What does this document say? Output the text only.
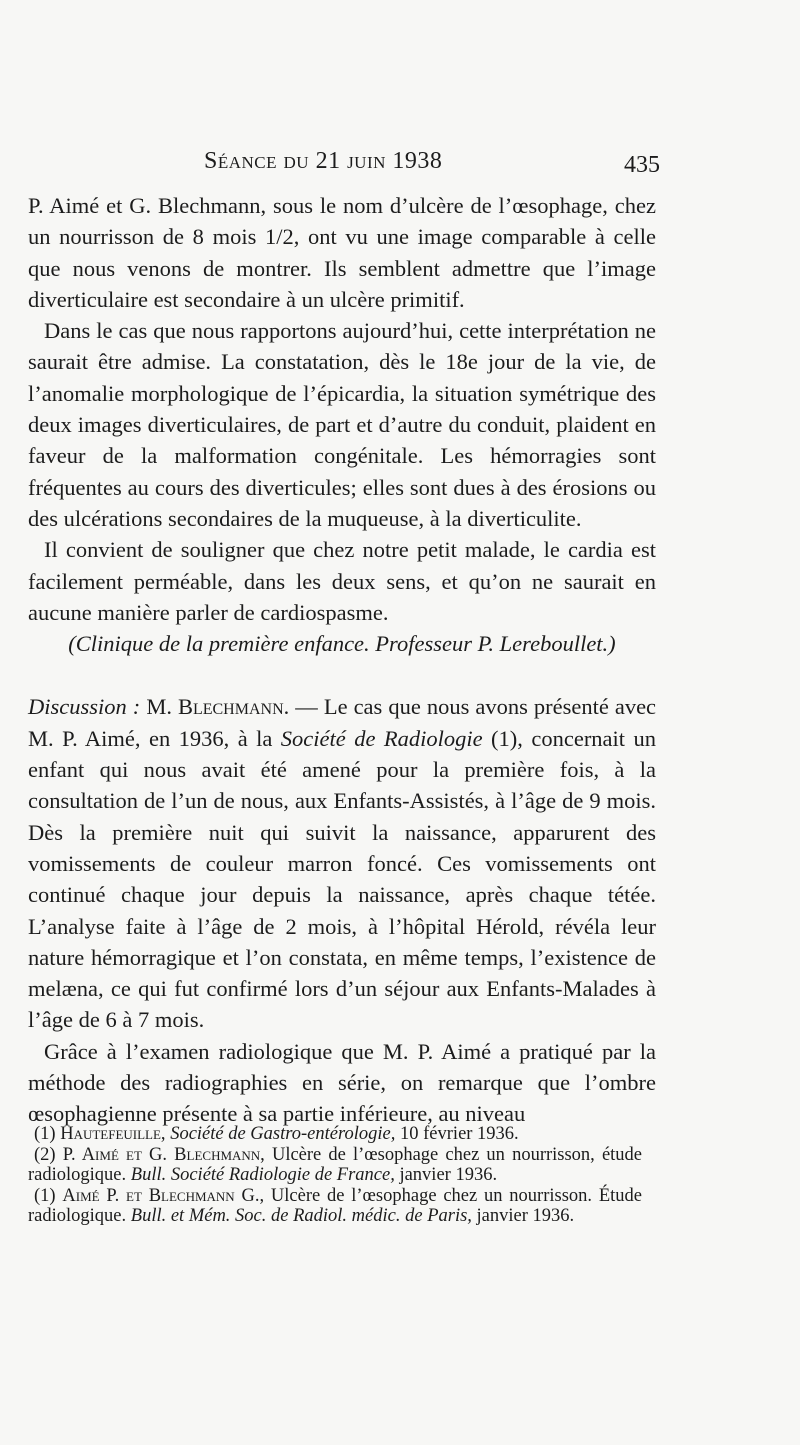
Séance du 21 juin 1938	435

P. Aimé et G. Blechmann, sous le nom d’ulcère de l’œsophage, chez un nourrisson de 8 mois 1/2, ont vu une image comparable à celle que nous venons de montrer. Ils semblent admettre que l’image diverticulaire est secondaire à un ulcère primitif.

Dans le cas que nous rapportons aujourd’hui, cette interprétation ne saurait être admise. La constatation, dès le 18e jour de la vie, de l’anomalie morphologique de l’épicardia, la situation symétrique des deux images diverticulaires, de part et d’autre du conduit, plaident en faveur de la malformation congénitale. Les hémorragies sont fréquentes au cours des diverticules; elles sont dues à des érosions ou des ulcérations secondaires de la muqueuse, à la diverticulite.

Il convient de souligner que chez notre petit malade, le cardia est facilement perméable, dans les deux sens, et qu’on ne saurait en aucune manière parler de cardiospasme.

(Clinique de la première enfance. Professeur P. Lereboullet.)

Discussion : M. Blechmann. — Le cas que nous avons présenté avec M. P. Aimé, en 1936, à la Société de Radiologie (1), concernait un enfant qui nous avait été amené pour la première fois, à la consultation de l’un de nous, aux Enfants-Assistés, à l’âge de 9 mois. Dès la première nuit qui suivit la naissance, apparurent des vomissements de couleur marron foncé. Ces vomissements ont continué chaque jour depuis la naissance, après chaque tétée. L’analyse faite à l’âge de 2 mois, à l’hôpital Hérold, révéla leur nature hémorragique et l’on constata, en même temps, l’existence de melæna, ce qui fut confirmé lors d’un séjour aux Enfants-Malades à l’âge de 6 à 7 mois.

Grâce à l’examen radiologique que M. P. Aimé a pratiqué par la méthode des radiographies en série, on remarque que l’ombre œsophagienne présente à sa partie inférieure, au niveau

(1) Hautefeuille, Société de Gastro-entérologie, 10 février 1936.

(2) P. Aimé et G. Blechmann, Ulcère de l’œsophage chez un nourrisson, étude radiologique. Bull. Société Radiologie de France, janvier 1936.

(1) Aimé P. et Blechmann G., Ulcère de l’œsophage chez un nourrisson. Étude radiologique. Bull. et Mém. Soc. de Radiol. médic. de Paris, janvier 1936.
